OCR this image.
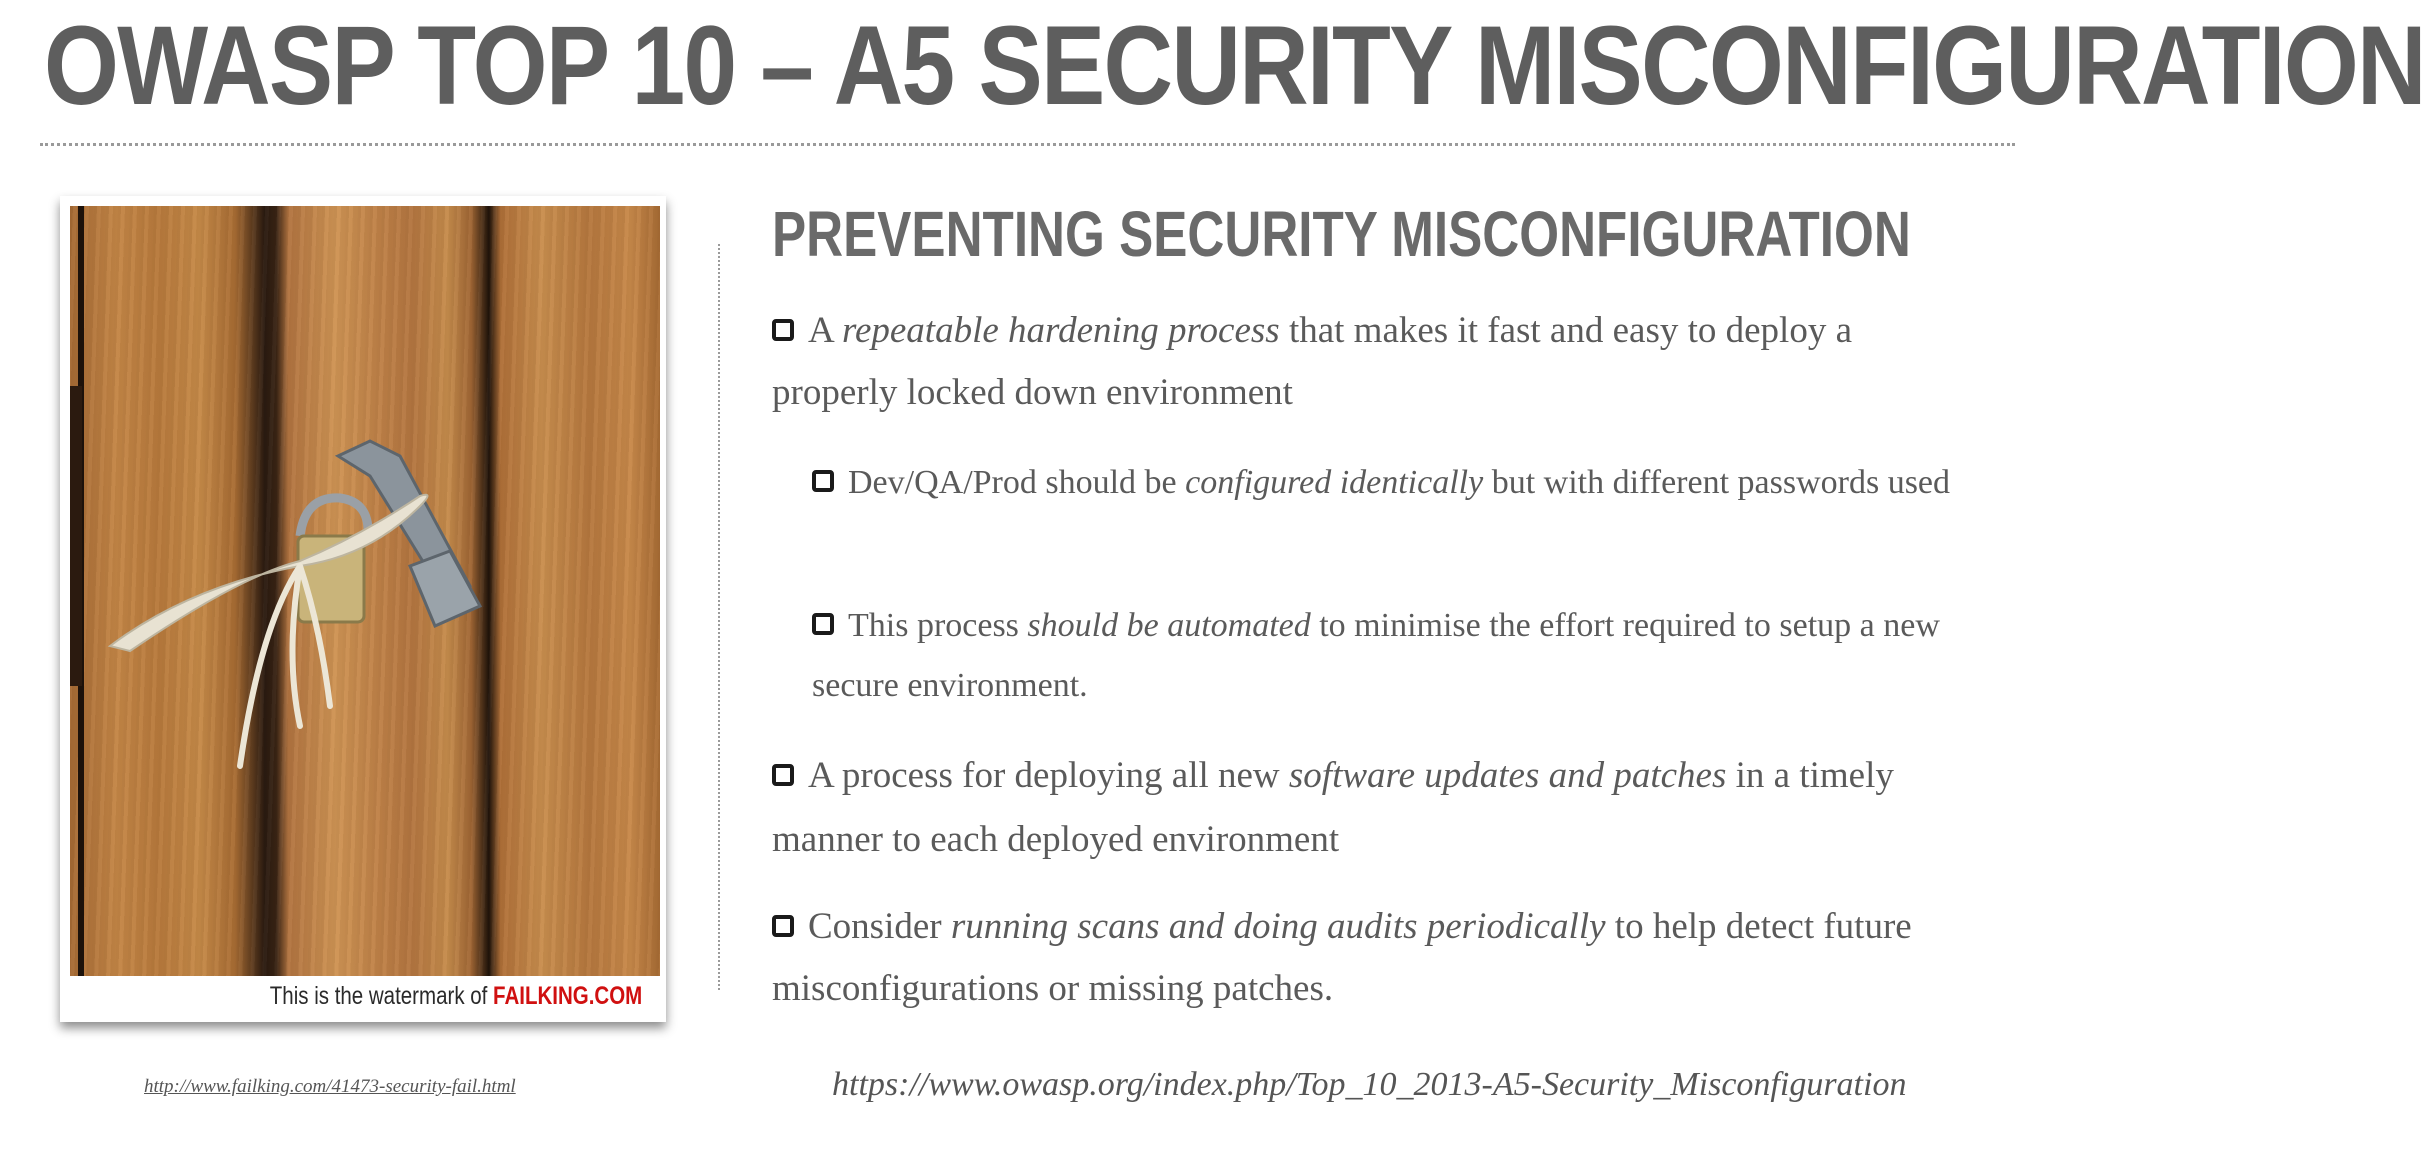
OWASP TOP 10 – A5 SECURITY MISCONFIGURATION
This is the watermark of FAILKING.COM
PREVENTING SECURITY MISCONFIGURATION
A repeatable hardening process that makes it fast and easy to deploy a properly locked down environment
Dev/QA/Prod should be configured identically but with different passwords used
This process should be automated to minimise the effort required to setup a new secure environment.
A process for deploying all new software updates and patches in a timely manner to each deployed environment
Consider running scans and doing audits periodically to help detect future misconfigurations or missing patches.
http://www.failking.com/41473-security-fail.html	https://www.owasp.org/index.php/Top_10_2013-A5-Security_Misconfiguration
